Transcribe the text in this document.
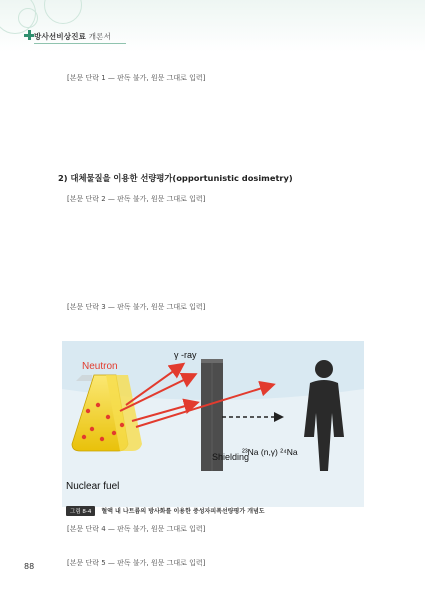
방사선비상진료 개론서

[본문 단락 1 — 판독 불가, 원문 그대로 입력]

2) 대체물질을 이용한 선량평가(opportunistic dosimetry)

[본문 단락 2 — 판독 불가, 원문 그대로 입력]

[본문 단락 3 — 판독 불가, 원문 그대로 입력]

Neutron
γ -ray
Shielding
Nuclear fuel
²³Na (n,γ) ²⁴Na
그림 8-4	혈액 내 나트륨의 방사화를 이용한 중성자피폭선량평가 개념도

[본문 단락 4 — 판독 불가, 원문 그대로 입력]

[본문 단락 5 — 판독 불가, 원문 그대로 입력]

88
